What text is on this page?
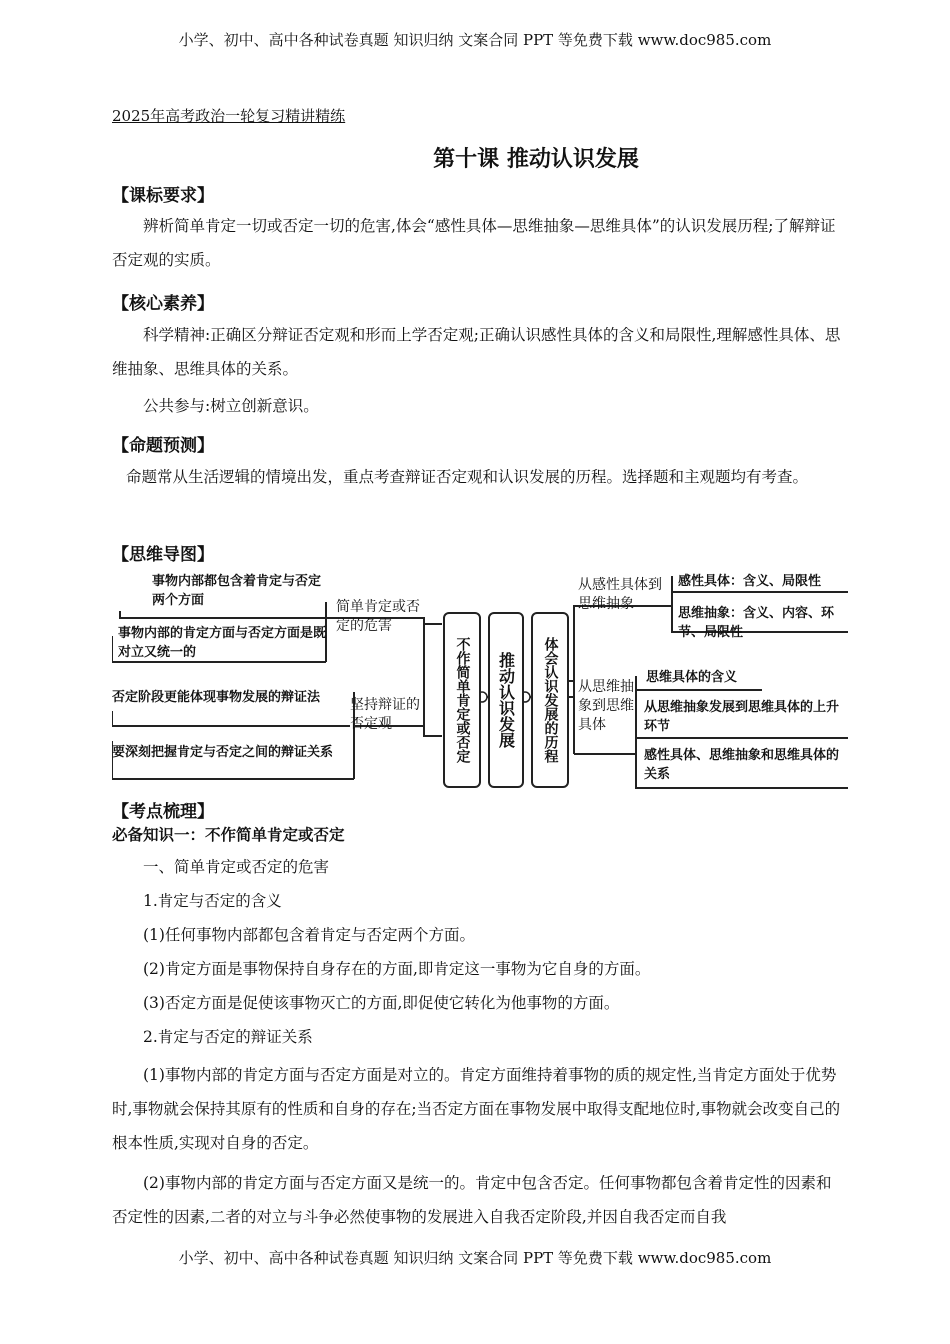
小学、初中、高中各种试卷真题 知识归纳 文案合同 PPT 等免费下载 www.doc985.com
2025年高考政治一轮复习精讲精练
第十课 推动认识发展
【课标要求】
辨析简单肯定一切或否定一切的危害,体会“感性具体—思维抽象—思维具体”的认识发展历程;了解辩证否定观的实质。
【核心素养】
科学精神:正确区分辩证否定观和形而上学否定观;正确认识感性具体的含义和局限性,理解感性具体、思维抽象、思维具体的关系。
公共参与:树立创新意识。
【命题预测】
命题常从生活逻辑的情境出发，重点考查辩证否定观和认识发展的历程。选择题和主观题均有考查。
【思维导图】
事物内部都包含着肯定与否定两个方面
事物内部的肯定方面与否定方面是既对立又统一的
否定阶段更能体现事物发展的辩证法
要深刻把握肯定与否定之间的辩证关系
简单肯定或否定的危害
坚持辩证的否定观	不作简单肯定或否定	推动认识发展	体会认识发展的历程
从感性具体到思维抽象
从思维抽象到思维具体
感性具体：含义、局限性
思维抽象：含义、内容、环节、局限性
思维具体的含义
从思维抽象发展到思维具体的上升环节
感性具体、思维抽象和思维具体的关系
【考点梳理】
必备知识一：不作简单肯定或否定
一、简单肯定或否定的危害
1.肯定与否定的含义
(1)任何事物内部都包含着肯定与否定两个方面。
(2)肯定方面是事物保持自身存在的方面,即肯定这一事物为它自身的方面。
(3)否定方面是促使该事物灭亡的方面,即促使它转化为他事物的方面。
2.肯定与否定的辩证关系
(1)事物内部的肯定方面与否定方面是对立的。肯定方面维持着事物的质的规定性,当肯定方面处于优势时,事物就会保持其原有的性质和自身的存在;当否定方面在事物发展中取得支配地位时,事物就会改变自己的根本性质,实现对自身的否定。
(2)事物内部的肯定方面与否定方面又是统一的。肯定中包含否定。任何事物都包含着肯定性的因素和否定性的因素,二者的对立与斗争必然使事物的发展进入自我否定阶段,并因自我否定而自我
小学、初中、高中各种试卷真题 知识归纳 文案合同 PPT 等免费下载 www.doc985.com
